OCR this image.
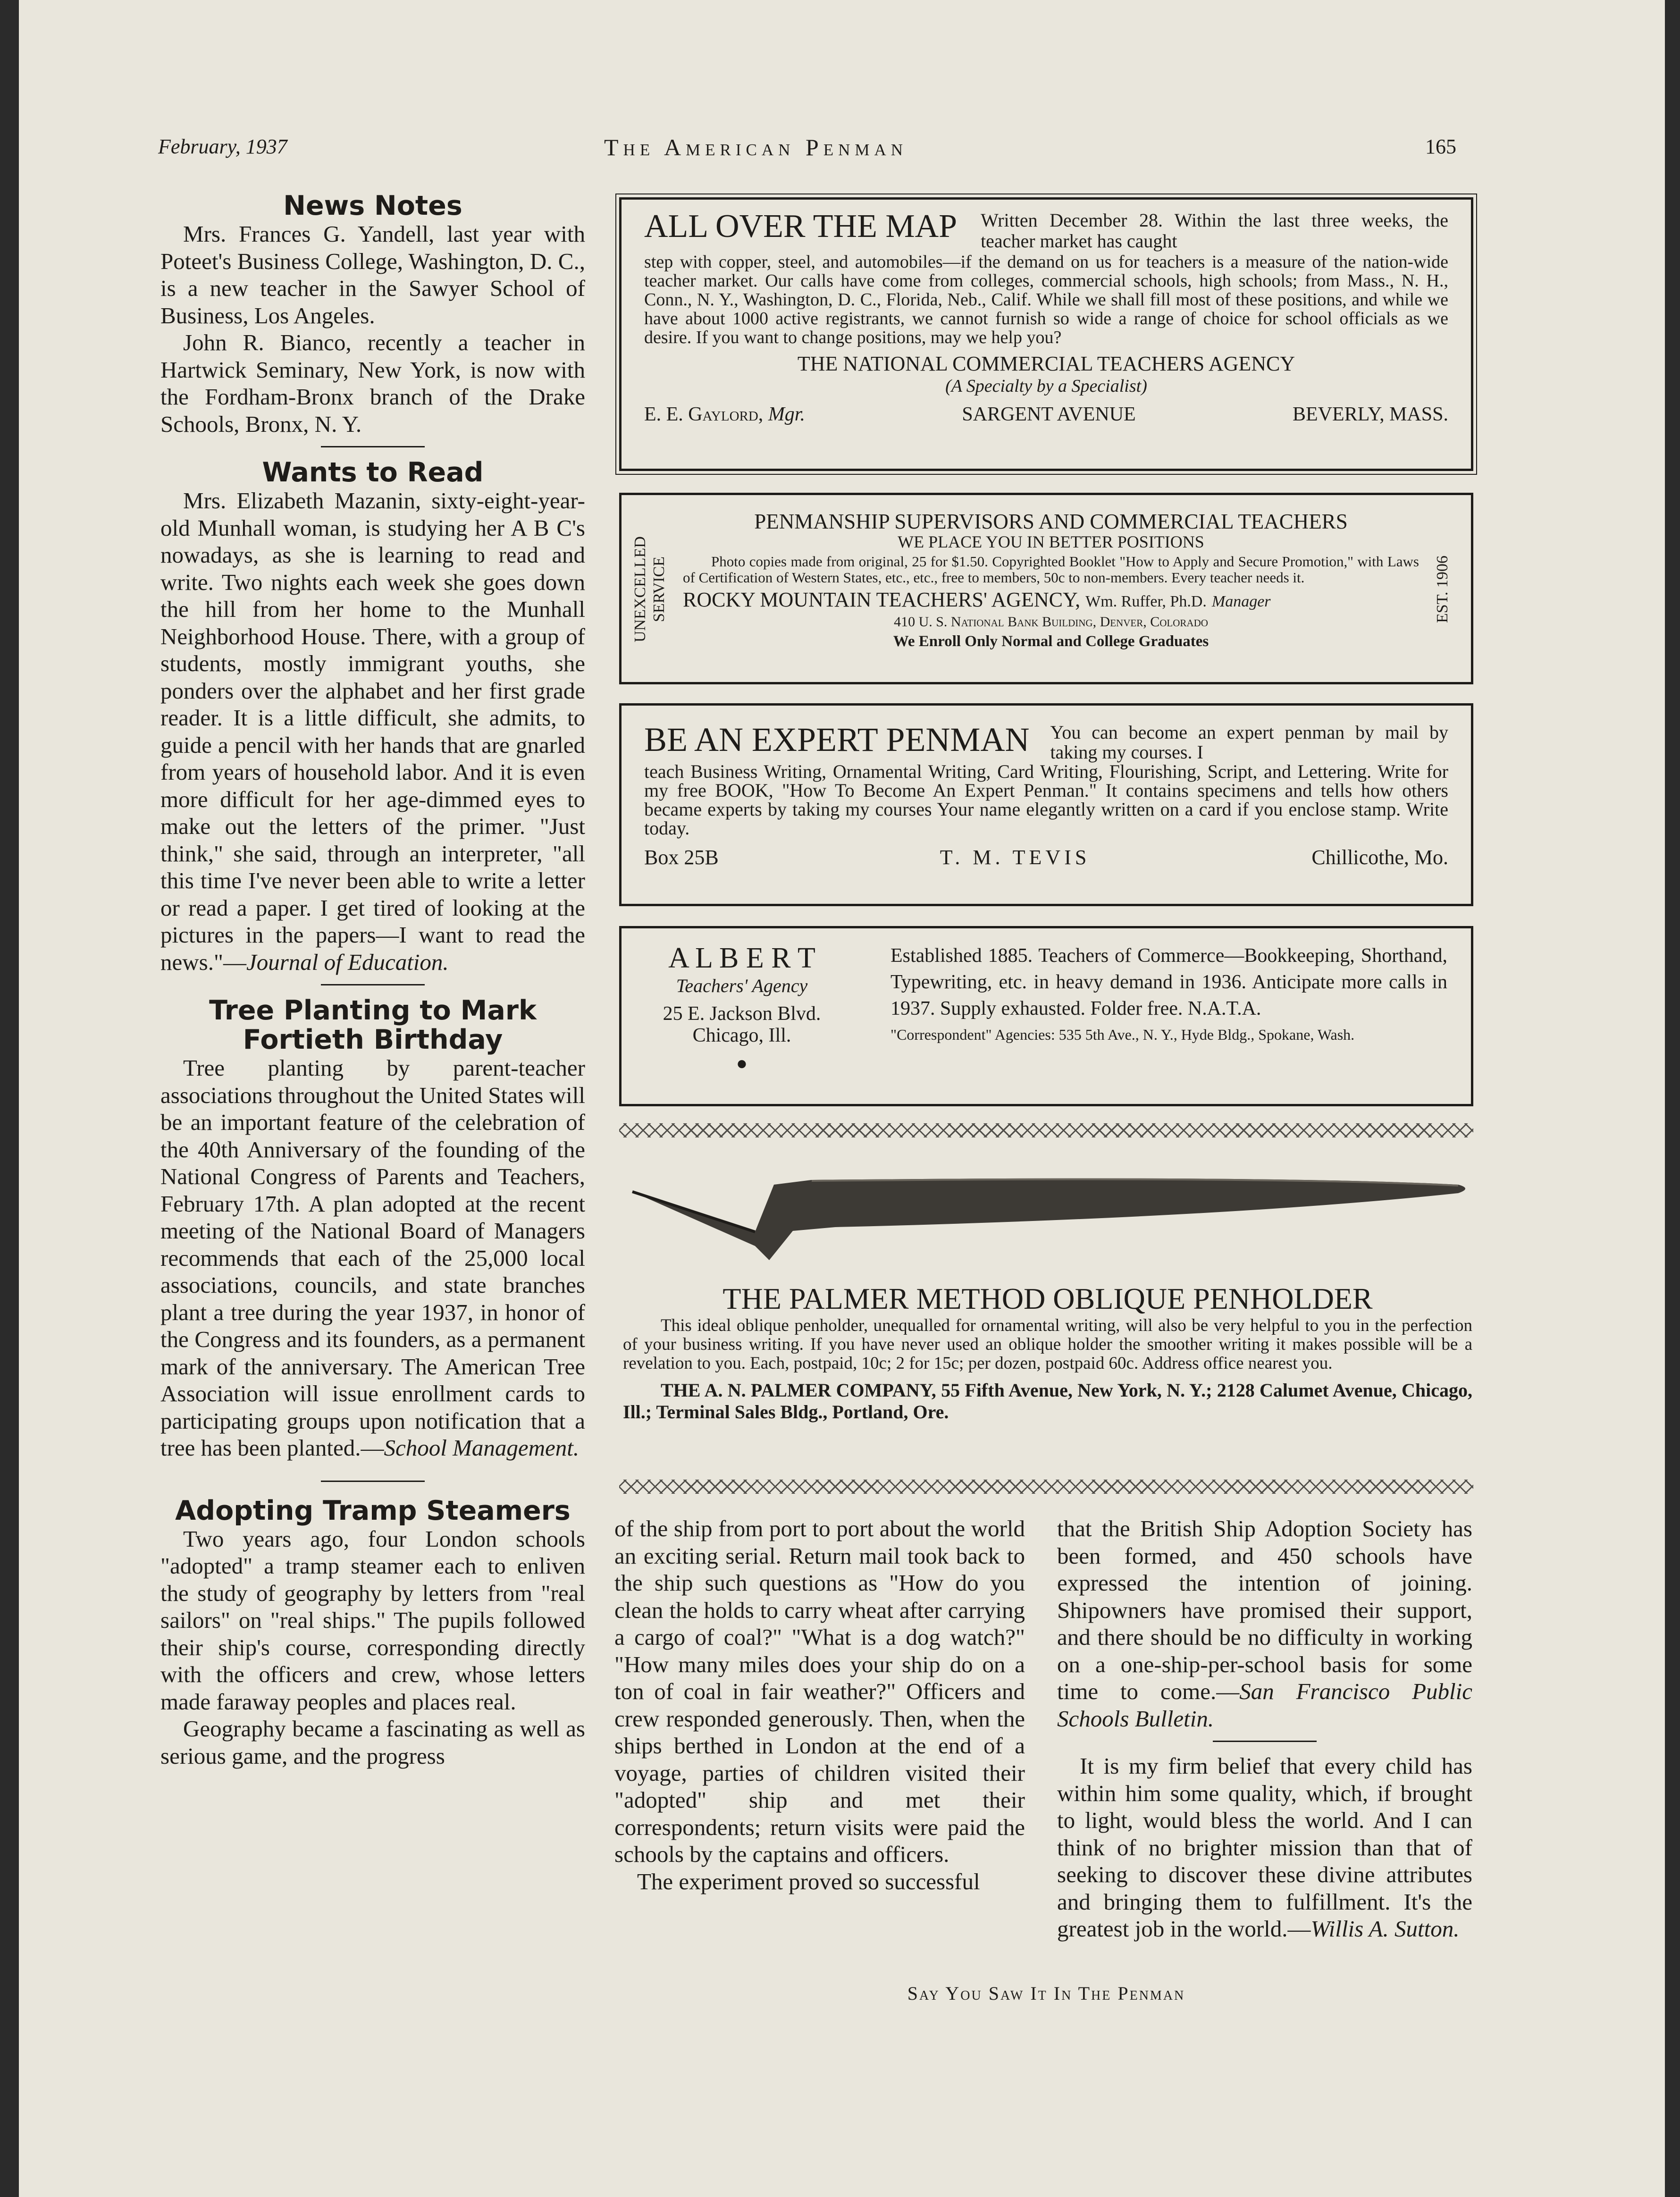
February, 1937	The American Penman	165
News Notes

Mrs. Frances G. Yandell, last year with Poteet's Business College, Washington, D. C., is a new teacher in the Sawyer School of Business, Los Angeles.

John R. Bianco, recently a teacher in Hartwick Seminary, New York, is now with the Fordham-Bronx branch of the Drake Schools, Bronx, N. Y.

Wants to Read

Mrs. Elizabeth Mazanin, sixty-eight-year-old Munhall woman, is studying her A B C's nowadays, as she is learning to read and write. Two nights each week she goes down the hill from her home to the Munhall Neighborhood House. There, with a group of students, mostly immigrant youths, she ponders over the alphabet and her first grade reader. It is a little difficult, she admits, to guide a pencil with her hands that are gnarled from years of household labor. And it is even more difficult for her age-dimmed eyes to make out the letters of the primer. "Just think," she said, through an interpreter, "all this time I've never been able to write a letter or read a paper. I get tired of looking at the pictures in the papers—I want to read the news."—Journal of Education.

Tree Planting to Mark Fortieth Birthday

Tree planting by parent-teacher associations throughout the United States will be an important feature of the celebration of the 40th Anniversary of the founding of the National Congress of Parents and Teachers, February 17th. A plan adopted at the recent meeting of the National Board of Managers recommends that each of the 25,000 local associations, councils, and state branches plant a tree during the year 1937, in honor of the Congress and its founders, as a permanent mark of the anniversary. The American Tree Association will issue enrollment cards to participating groups upon notification that a tree has been planted.—School Management.

Adopting Tramp Steamers

Two years ago, four London schools "adopted" a tramp steamer each to enliven the study of geography by letters from "real sailors" on "real ships." The pupils followed their ship's course, corresponding directly with the officers and crew, whose letters made faraway peoples and places real.

Geography became a fascinating as well as serious game, and the progress

ALL OVER THE MAP Written December 28. Within the last three weeks, the teacher market has caught
step with copper, steel, and automobiles—if the demand on us for teachers is a measure of the nation-wide teacher market. Our calls have come from colleges, commercial schools, high schools; from Mass., N. H., Conn., N. Y., Washington, D. C., Florida, Neb., Calif. While we shall fill most of these positions, and while we have about 1000 active registrants, we cannot furnish so wide a range of choice for school officials as we desire. If you want to change positions, may we help you?
THE NATIONAL COMMERCIAL TEACHERS AGENCY
(A Specialty by a Specialist)
E. E. Gaylord, Mgr.	SARGENT AVENUE	BEVERLY, MASS.
UNEXCELLED SERVICE	EST. 1906
PENMANSHIP SUPERVISORS AND COMMERCIAL TEACHERS
WE PLACE YOU IN BETTER POSITIONS
Photo copies made from original, 25 for $1.50. Copyrighted Booklet "How to Apply and Secure Promotion," with Laws of Certification of Western States, etc., etc., free to members, 50c to non-members. Every teacher needs it.
ROCKY MOUNTAIN TEACHERS' AGENCY, Wm. Ruffer, Ph.D. Manager
410 U. S. National Bank Building, Denver, Colorado
We Enroll Only Normal and College Graduates
BE AN EXPERT PENMAN You can become an expert penman by mail by taking my courses. I
teach Business Writing, Ornamental Writing, Card Writing, Flourishing, Script, and Lettering. Write for my free BOOK, "How To Become An Expert Penman." It contains specimens and tells how others became experts by taking my courses Your name elegantly written on a card if you enclose stamp. Write today.
Box 25B	T. M. TEVIS	Chillicothe, Mo.
A L B E R T
Teachers' Agency
25 E. Jackson Blvd.
Chicago, Ill.
●
Established 1885. Teachers of Commerce—Bookkeeping, Shorthand, Typewriting, etc. in heavy demand in 1936. Anticipate more calls in 1937. Supply exhausted. Folder free. N.A.T.A.
"Correspondent" Agencies: 535 5th Ave., N. Y., Hyde Bldg., Spokane, Wash.
THE PALMER METHOD OBLIQUE PENHOLDER
This ideal oblique penholder, unequalled for ornamental writing, will also be very helpful to you in the perfection of your business writing. If you have never used an oblique holder the smoother writing it makes possible will be a revelation to you. Each, postpaid, 10c; 2 for 15c; per dozen, postpaid 60c. Address office nearest you.
THE A. N. PALMER COMPANY, 55 Fifth Avenue, New York, N. Y.; 2128 Calumet Avenue, Chicago, Ill.; Terminal Sales Bldg., Portland, Ore.

of the ship from port to port about the world an exciting serial. Return mail took back to the ship such questions as "How do you clean the holds to carry wheat after carrying a cargo of coal?" "What is a dog watch?" "How many miles does your ship do on a ton of coal in fair weather?" Officers and crew responded generously. Then, when the ships berthed in London at the end of a voyage, parties of children visited their "adopted" ship and met their correspondents; return visits were paid the schools by the captains and officers.

The experiment proved so successful

that the British Ship Adoption Society has been formed, and 450 schools have expressed the intention of joining. Shipowners have promised their support, and there should be no difficulty in working on a one-ship-per-school basis for some time to come.—San Francisco Public Schools Bulletin.

It is my firm belief that every child has within him some quality, which, if brought to light, would bless the world. And I can think of no brighter mission than that of seeking to discover these divine attributes and bringing them to fulfillment. It's the greatest job in the world.—Willis A. Sutton.

Say You Saw It In The Penman
